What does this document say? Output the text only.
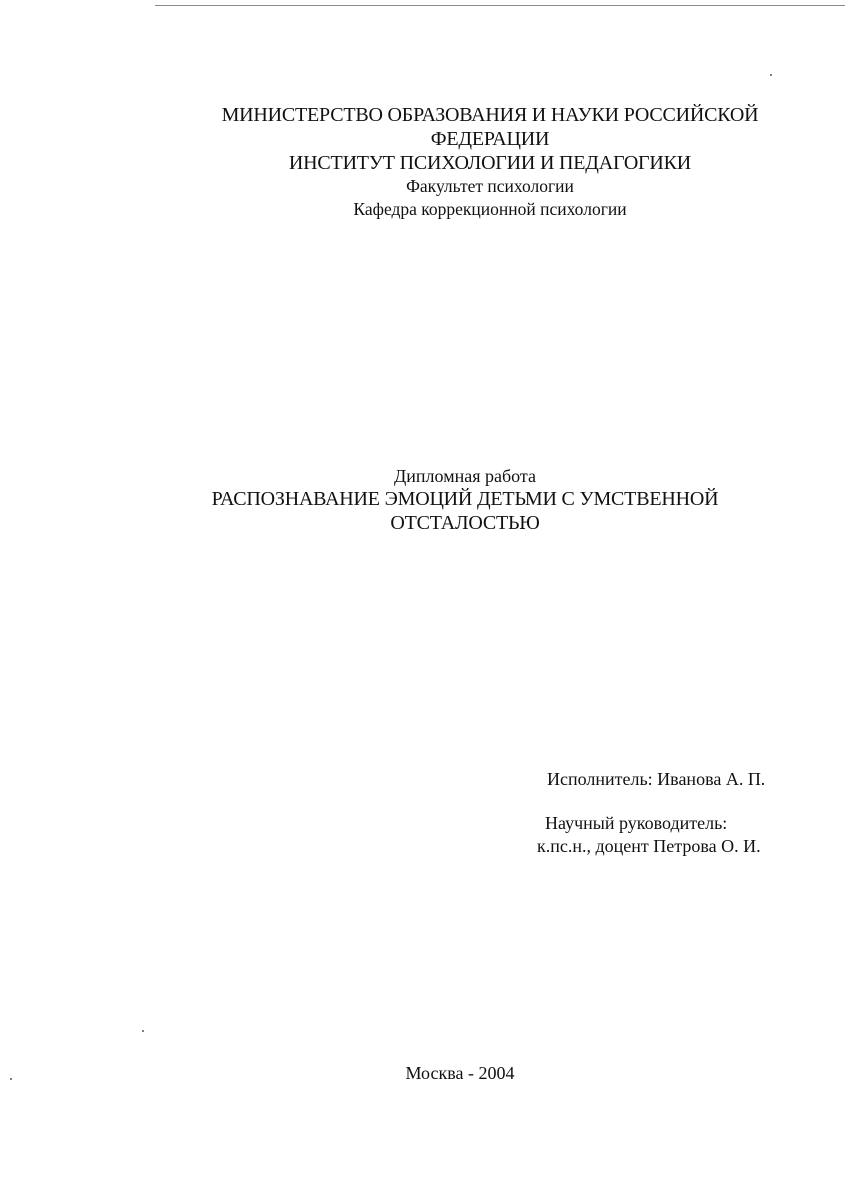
МИНИСТЕРСТВО ОБРАЗОВАНИЯ И НАУКИ РОССИЙСКОЙ
ФЕДЕРАЦИИ
ИНСТИТУТ ПСИХОЛОГИИ И ПЕДАГОГИКИ
Факультет психологии
Кафедра коррекционной психологии
Дипломная работа
РАСПОЗНАВАНИЕ ЭМОЦИЙ ДЕТЬМИ С УМСТВЕННОЙ
ОТСТАЛОСТЬЮ
Исполнитель: Иванова А. П.
Научный руководитель:
к.пс.н., доцент Петрова О. И.
Москва - 2004
